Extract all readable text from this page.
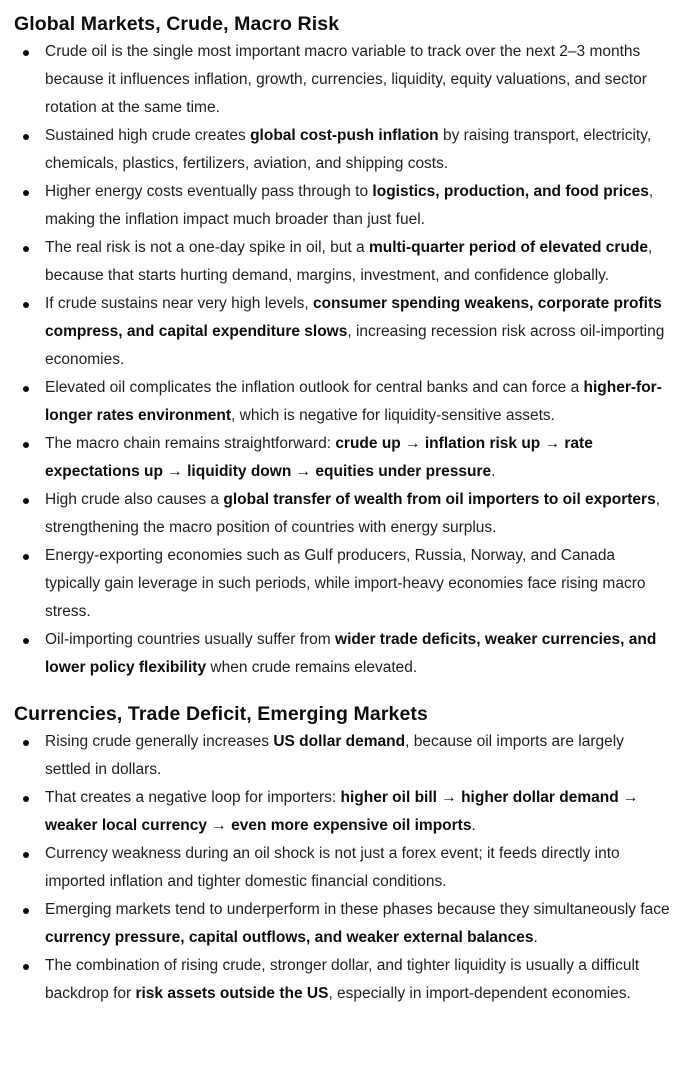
Global Markets, Crude, Macro Risk
Crude oil is the single most important macro variable to track over the next 2–3 months because it influences inflation, growth, currencies, liquidity, equity valuations, and sector rotation at the same time.
Sustained high crude creates global cost-push inflation by raising transport, electricity, chemicals, plastics, fertilizers, aviation, and shipping costs.
Higher energy costs eventually pass through to logistics, production, and food prices, making the inflation impact much broader than just fuel.
The real risk is not a one-day spike in oil, but a multi-quarter period of elevated crude, because that starts hurting demand, margins, investment, and confidence globally.
If crude sustains near very high levels, consumer spending weakens, corporate profits compress, and capital expenditure slows, increasing recession risk across oil-importing economies.
Elevated oil complicates the inflation outlook for central banks and can force a higher-for-longer rates environment, which is negative for liquidity-sensitive assets.
The macro chain remains straightforward: crude up → inflation risk up → rate expectations up → liquidity down → equities under pressure.
High crude also causes a global transfer of wealth from oil importers to oil exporters, strengthening the macro position of countries with energy surplus.
Energy-exporting economies such as Gulf producers, Russia, Norway, and Canada typically gain leverage in such periods, while import-heavy economies face rising macro stress.
Oil-importing countries usually suffer from wider trade deficits, weaker currencies, and lower policy flexibility when crude remains elevated.
Currencies, Trade Deficit, Emerging Markets
Rising crude generally increases US dollar demand, because oil imports are largely settled in dollars.
That creates a negative loop for importers: higher oil bill → higher dollar demand → weaker local currency → even more expensive oil imports.
Currency weakness during an oil shock is not just a forex event; it feeds directly into imported inflation and tighter domestic financial conditions.
Emerging markets tend to underperform in these phases because they simultaneously face currency pressure, capital outflows, and weaker external balances.
The combination of rising crude, stronger dollar, and tighter liquidity is usually a difficult backdrop for risk assets outside the US, especially in import-dependent economies.
